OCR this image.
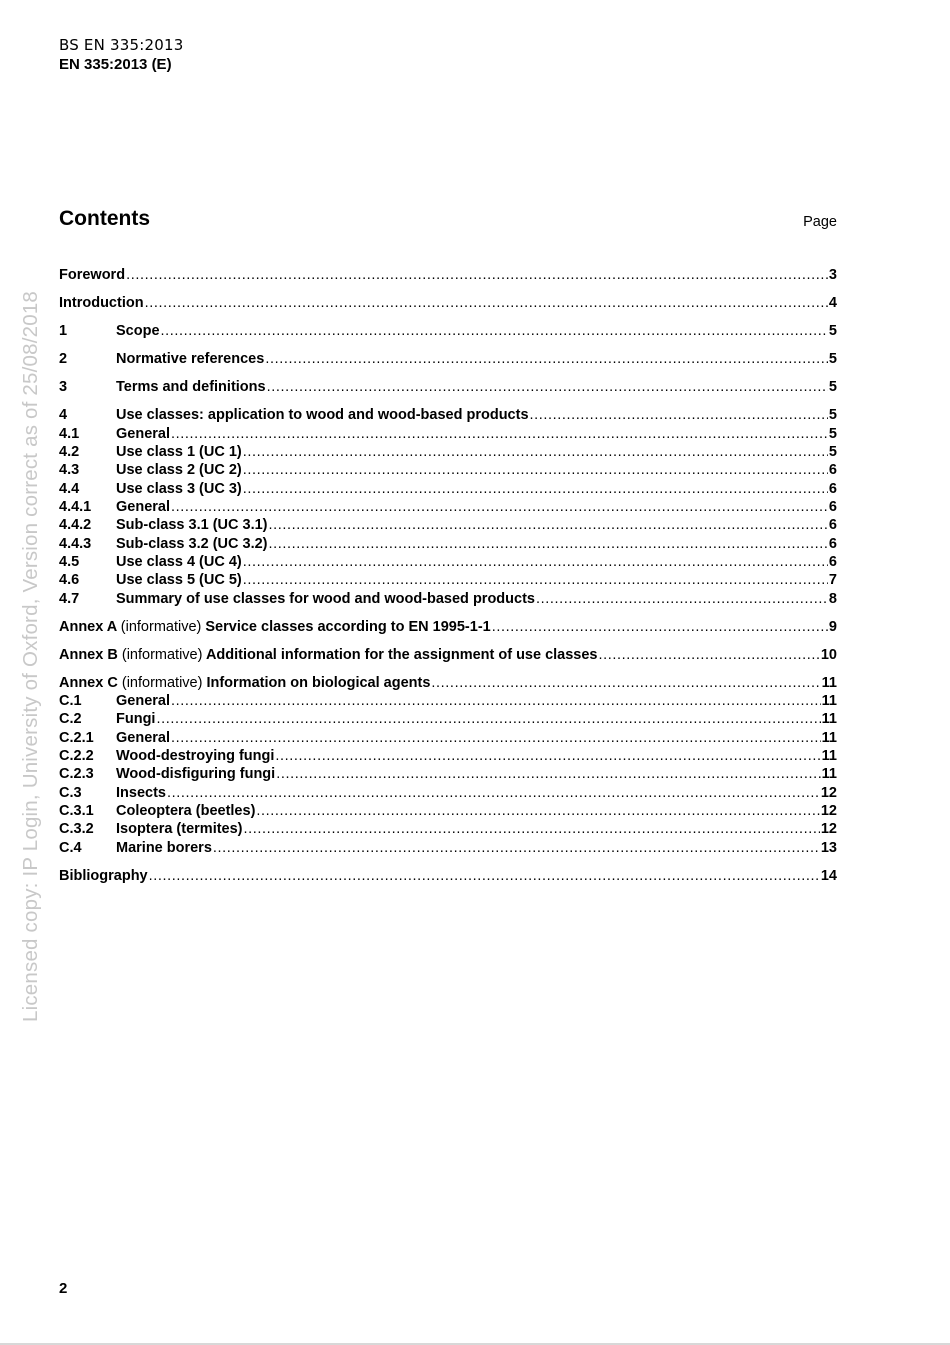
BS EN 335:2013
EN 335:2013 (E)
Licensed copy: IP Login, University of Oxford, Version correct as of 25/08/2018
Contents	Page
Foreword .....	3
Introduction .....	4
1	Scope .....	5
2	Normative references .....	5
3	Terms and definitions .....	5
4	Use classes: application to wood and wood-based products .....	5
4.1	General .....	5
4.2	Use class 1 (UC 1) .....	5
4.3	Use class 2 (UC 2) .....	6
4.4	Use class 3 (UC 3) .....	6
4.4.1	General .....	6
4.4.2	Sub-class 3.1 (UC 3.1) .....	6
4.4.3	Sub-class 3.2 (UC 3.2) .....	6
4.5	Use class 4 (UC 4) .....	6
4.6	Use class 5 (UC 5) .....	7
4.7	Summary of use classes for wood and wood-based products .....	8
Annex A (informative) Service classes according to EN 1995-1-1 .....	9
Annex B (informative) Additional information for the assignment of use classes .....	10
Annex C (informative) Information on biological agents .....	11
C.1	General .....	11
C.2	Fungi .....	11
C.2.1	General .....	11
C.2.2	Wood-destroying fungi .....	11
C.2.3	Wood-disfiguring fungi .....	11
C.3	Insects .....	12
C.3.1	Coleoptera (beetles) .....	12
C.3.2	Isoptera (termites) .....	12
C.4	Marine borers .....	13
Bibliography .....	14
2
